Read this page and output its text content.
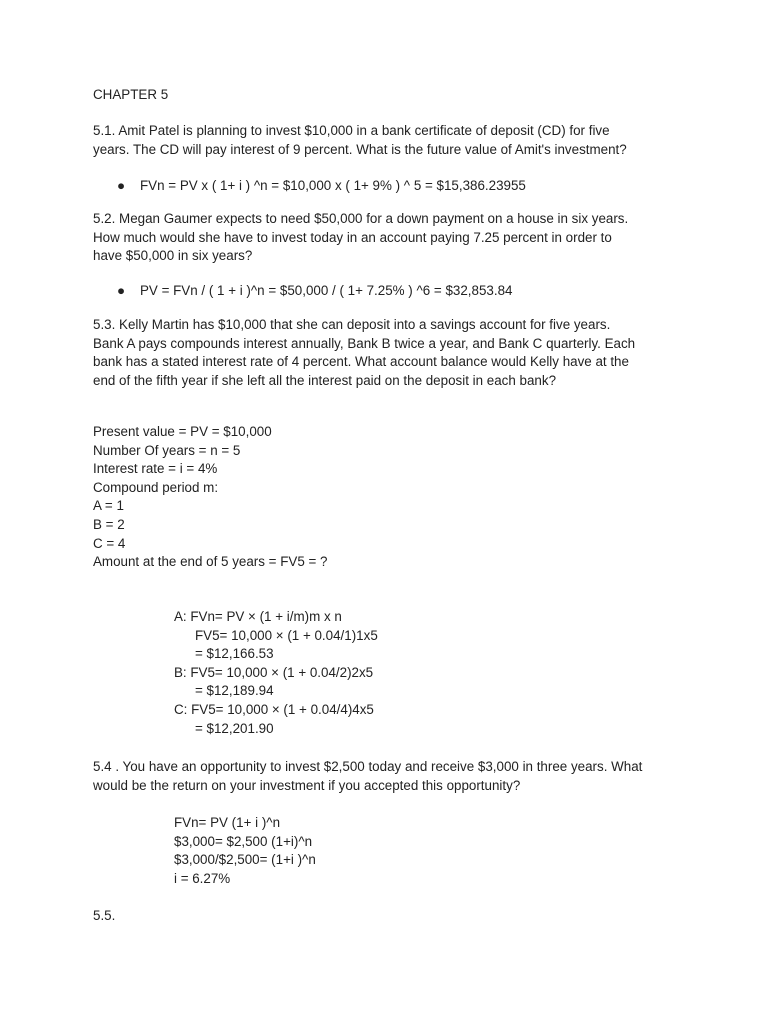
CHAPTER 5

5.1. Amit Patel is planning to invest $10,000 in a bank certificate of deposit (CD) for five

years. The CD will pay interest of 9 percent. What is the future value of Amit's investment?

● FVn = PV x ( 1+ i ) ^n = $10,000 x ( 1+ 9% ) ^ 5 = $15,386.23955

5.2. Megan Gaumer expects to need $50,000 for a down payment on a house in six years.

How much would she have to invest today in an account paying 7.25 percent in order to

have $50,000 in six years?

● PV = FVn / ( 1 + i )^n = $50,000 / ( 1+ 7.25% ) ^6 = $32,853.84

5.3. Kelly Martin has $10,000 that she can deposit into a savings account for five years.

Bank A pays compounds interest annually, Bank B twice a year, and Bank C quarterly. Each

bank has a stated interest rate of 4 percent. What account balance would Kelly have at the

end of the fifth year if she left all the interest paid on the deposit in each bank?

Present value = PV = $10,000

Number Of years = n = 5

Interest rate = i = 4%

Compound period m:

A = 1

B = 2

C = 4

Amount at the end of 5 years = FV5 = ?

A: FVn= PV × (1 + i/m)m x n

FV5= 10,000 × (1 + 0.04/1)1x5

= $12,166.53

B: FV5= 10,000 × (1 + 0.04/2)2x5

= $12,189.94

C: FV5= 10,000 × (1 + 0.04/4)4x5

= $12,201.90

5.4 . You have an opportunity to invest $2,500 today and receive $3,000 in three years. What

would be the return on your investment if you accepted this opportunity?

FVn= PV (1+ i )^n

$3,000= $2,500 (1+i)^n

$3,000/$2,500= (1+i )^n

i = 6.27%

5.5.
